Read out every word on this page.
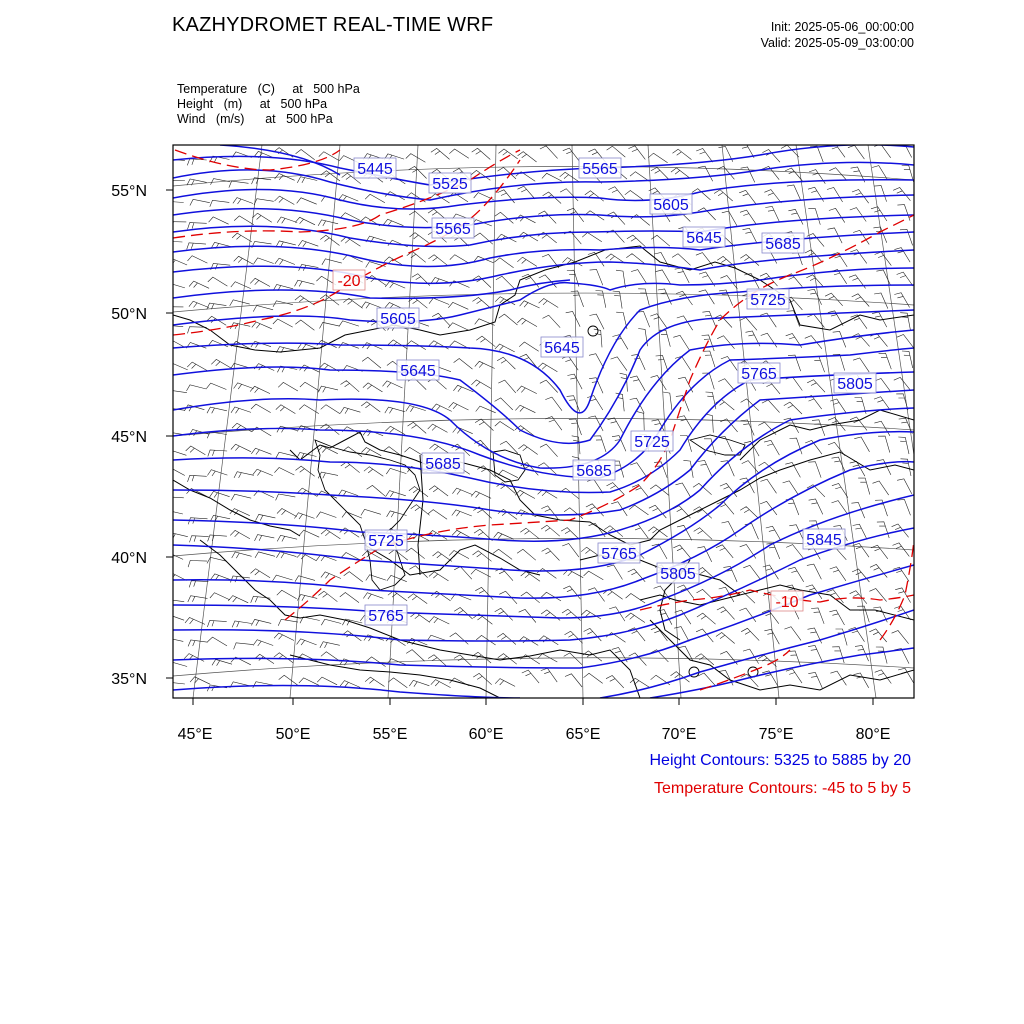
KAZHYDROMET REAL-TIME WRF	Init: 2025-05-06_00:00:00
Valid: 2025-05-09_03:00:00
Temperature (C) at 500 hPa
Height (m) at 500 hPa
Wind (m/s) at 500 hPa
5445
5525
5565
5565
5605
5645	5685
5605
5645
5725
5765
5805
5645
5725
5685
5685
5725
5765
5805
5845
5765
-20
-10
55°N
50°N
45°N
40°N
35°N
45°E	50°E	55°E	60°E	65°E	70°E	75°E	80°E
Height Contours: 5325 to 5885 by 20
Temperature Contours: -45 to 5 by 5
